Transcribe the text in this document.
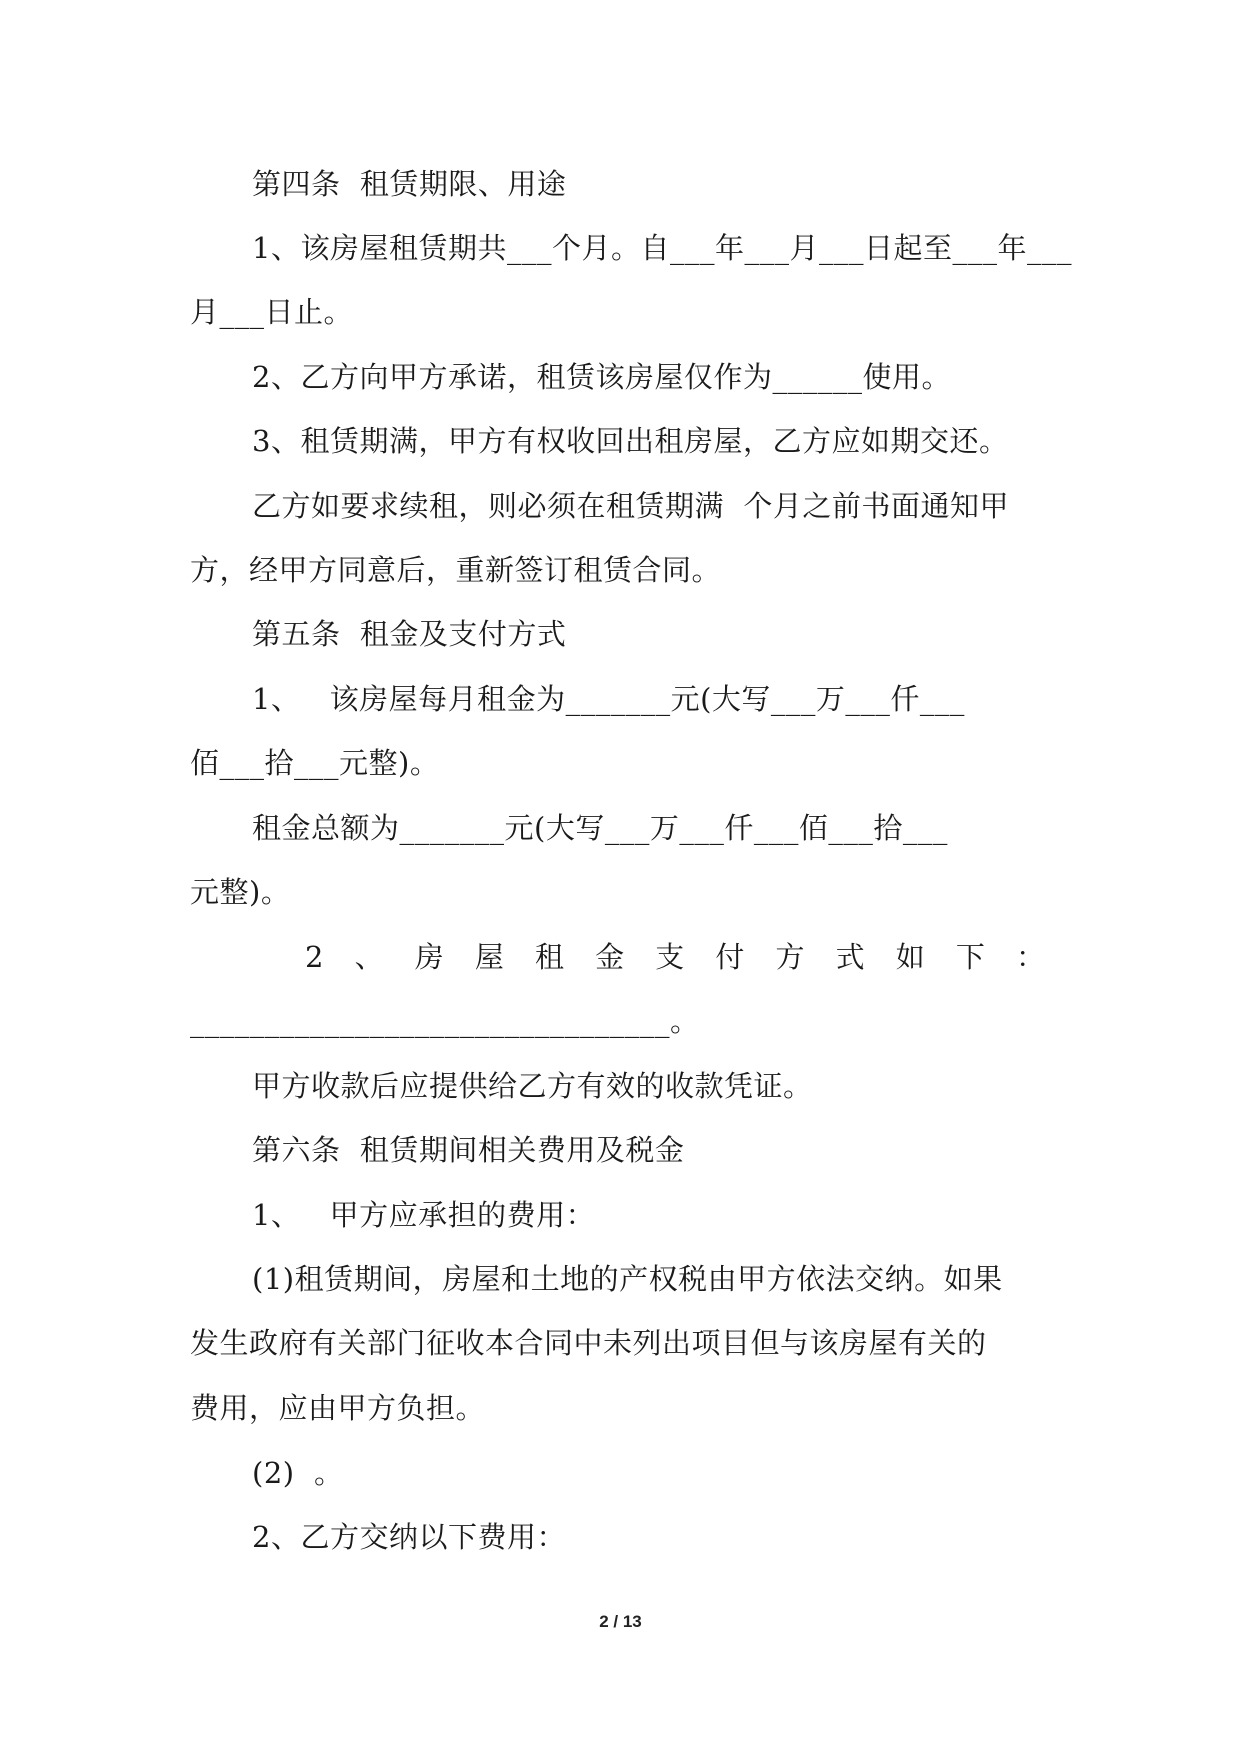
第四条  租赁期限、用途
1、该房屋租赁期共___个月。自___年___月___日起至___年___
月___日止。
2、乙方向甲方承诺，租赁该房屋仅作为______使用。
3、租赁期满，甲方有权收回出租房屋，乙方应如期交还。
乙方如要求续租，则必须在租赁期满  个月之前书面通知甲
方，经甲方同意后，重新签订租赁合同。
第五条  租金及支付方式
1、   该房屋每月租金为_______元(大写___万___仟___
佰___拾___元整)。
租金总额为_______元(大写___万___仟___佰___拾___
元整)。
2 、 房 屋 租 金 支 付 方 式 如 下 ：
________________________________。
甲方收款后应提供给乙方有效的收款凭证。
第六条  租赁期间相关费用及税金
1、   甲方应承担的费用：
(1)租赁期间，房屋和土地的产权税由甲方依法交纳。如果
发生政府有关部门征收本合同中未列出项目但与该房屋有关的
费用，应由甲方负担。
(2)  。
2、乙方交纳以下费用：
2 / 13
